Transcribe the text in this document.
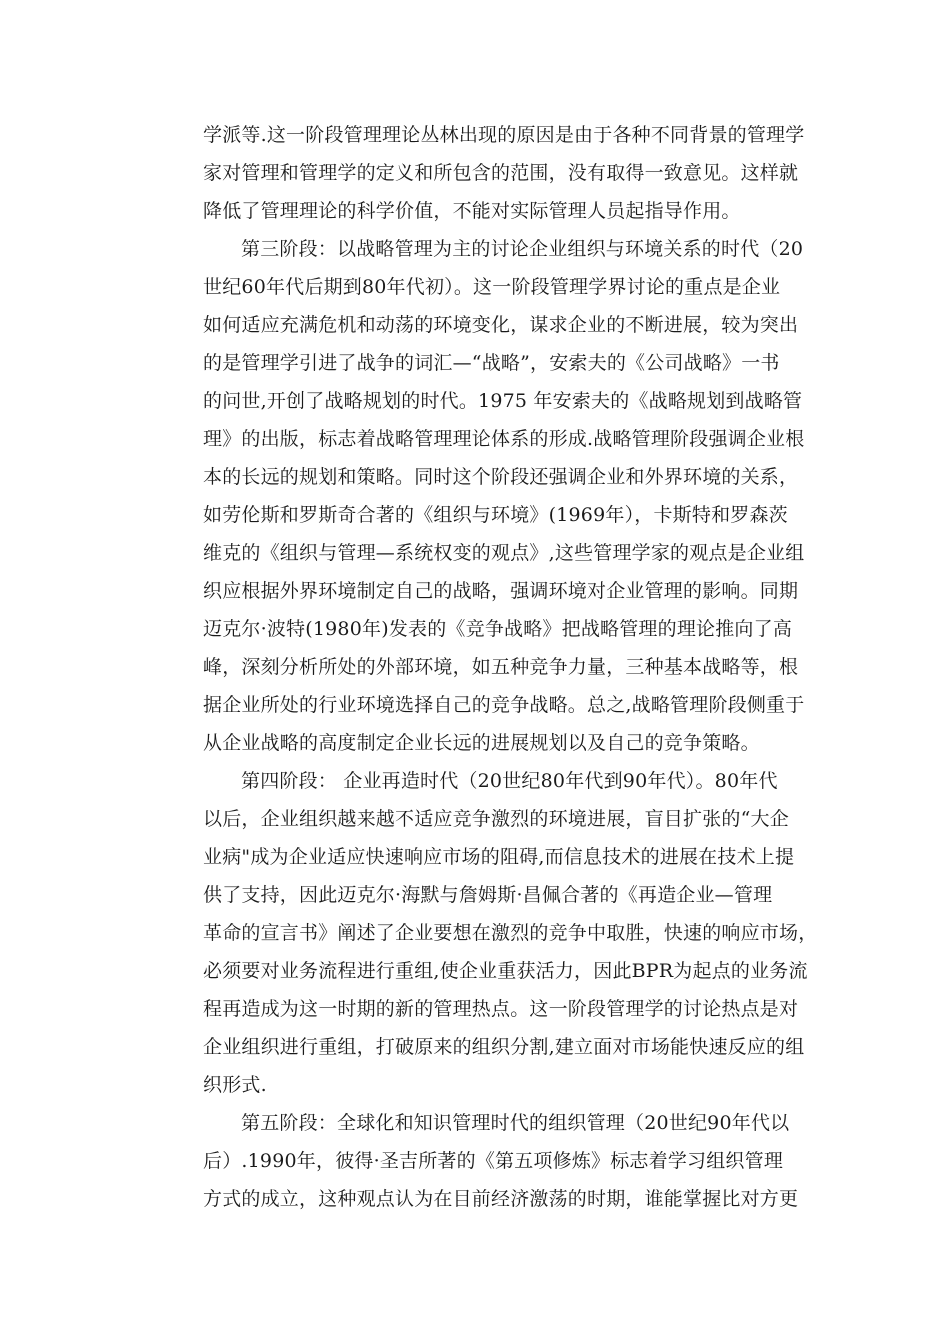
学派等.这一阶段管理理论丛林出现的原因是由于各种不同背景的管理学
家对管理和管理学的定义和所包含的范围，没有取得一致意见。这样就
降低了管理理论的科学价值，不能对实际管理人员起指导作用。
第三阶段：以战略管理为主的讨论企业组织与环境关系的时代（20
世纪60年代后期到80年代初）。这一阶段管理学界讨论的重点是企业
如何适应充满危机和动荡的环境变化，谋求企业的不断进展，较为突出
的是管理学引进了战争的词汇—“战略”，安索夫的《公司战略》一书
的问世,开创了战略规划的时代。1975 年安索夫的《战略规划到战略管
理》的出版，标志着战略管理理论体系的形成.战略管理阶段强调企业根
本的长远的规划和策略。同时这个阶段还强调企业和外界环境的关系，
如劳伦斯和罗斯奇合著的《组织与环境》(1969年），卡斯特和罗森茨
维克的《组织与管理—系统权变的观点》,这些管理学家的观点是企业组
织应根据外界环境制定自己的战略，强调环境对企业管理的影响。同期
迈克尔·波特(1980年)发表的《竞争战略》把战略管理的理论推向了高
峰，深刻分析所处的外部环境，如五种竞争力量，三种基本战略等，根
据企业所处的行业环境选择自己的竞争战略。总之,战略管理阶段侧重于
从企业战略的高度制定企业长远的进展规划以及自己的竞争策略。
第四阶段： 企业再造时代（20世纪80年代到90年代）。80年代
以后，企业组织越来越不适应竞争激烈的环境进展，盲目扩张的“大企
业病"成为企业适应快速响应市场的阻碍,而信息技术的进展在技术上提
供了支持，因此迈克尔·海默与詹姆斯·昌佩合著的《再造企业—管理
革命的宣言书》阐述了企业要想在激烈的竞争中取胜，快速的响应市场，
必须要对业务流程进行重组,使企业重获活力，因此BPR为起点的业务流
程再造成为这一时期的新的管理热点。这一阶段管理学的讨论热点是对
企业组织进行重组，打破原来的组织分割,建立面对市场能快速反应的组
织形式.
第五阶段：全球化和知识管理时代的组织管理（20世纪90年代以
后）.1990年，彼得·圣吉所著的《第五项修炼》标志着学习组织管理
方式的成立，这种观点认为在目前经济激荡的时期，谁能掌握比对方更
